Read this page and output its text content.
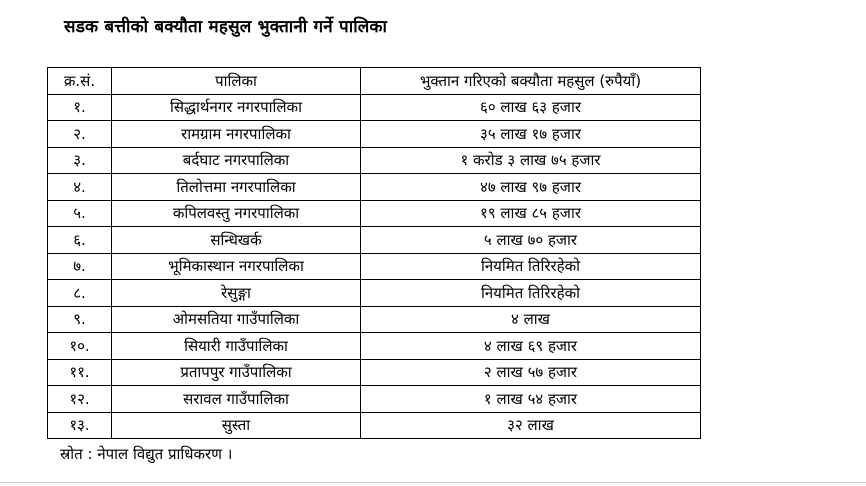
सडक बत्तीको बक्यौता महसुल भुक्तानी गर्ने पालिका
क्र.सं.	पालिका	भुक्तान गरिएको बक्यौता महसुल (रुपैयाँ)
१.	सिद्धार्थनगर नगरपालिका	६० लाख ६३ हजार
२.	रामग्राम नगरपालिका	३५ लाख १७ हजार
३.	बर्दघाट नगरपालिका	१ करोड ३ लाख ७५ हजार
४.	तिलोत्तमा नगरपालिका	४७ लाख ९७ हजार
५.	कपिलवस्तु नगरपालिका	१९ लाख ८५ हजार
६.	सन्धिखर्क	५ लाख ७० हजार
७.	भूमिकास्थान नगरपालिका	नियमित तिरिरहेको
८.	रेसुङ्गा	नियमित तिरिरहेको
९.	ओमसतिया गाउँपालिका	४ लाख
१०.	सियारी गाउँपालिका	४ लाख ६९ हजार
११.	प्रतापपुर गाउँपालिका	२ लाख ५७ हजार
१२.	सरावल गाउँपालिका	१ लाख ५४ हजार
१३.	सुस्ता	३२ लाख
स्रोत : नेपाल विद्युत प्राधिकरण ।
